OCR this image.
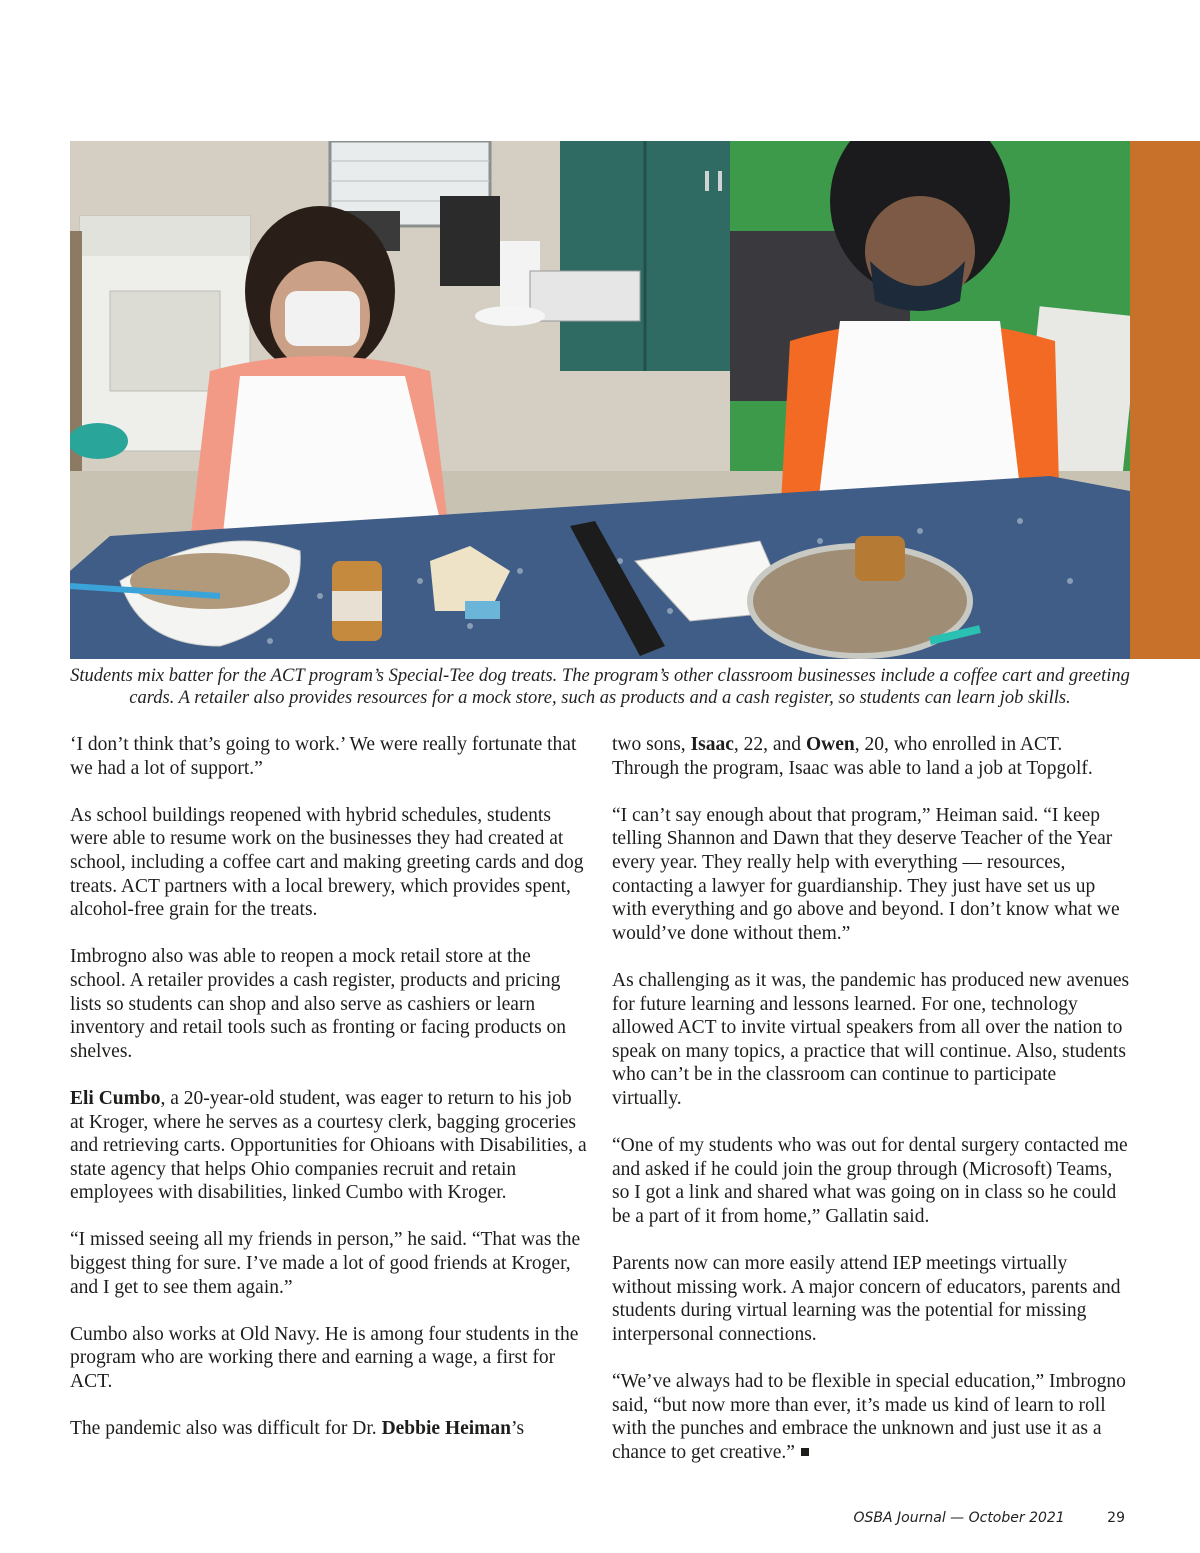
Students mix batter for the ACT program’s Special-Tee dog treats. The program’s other classroom businesses include a coffee cart and greeting cards. A retailer also provides resources for a mock store, such as products and a cash register, so students can learn job skills.

‘I don’t think that’s going to work.’ We were really fortunate that we had a lot of support.”

As school buildings reopened with hybrid schedules, students were able to resume work on the businesses they had created at school, including a coffee cart and making greeting cards and dog treats. ACT partners with a local brewery, which provides spent, alcohol-free grain for the treats.

Imbrogno also was able to reopen a mock retail store at the school. A retailer provides a cash register, products and pricing lists so students can shop and also serve as cashiers or learn inventory and retail tools such as fronting or facing products on shelves.

Eli Cumbo, a 20-year-old student, was eager to return to his job at Kroger, where he serves as a courtesy clerk, bagging groceries and retrieving carts. Opportunities for Ohioans with Disabilities, a state agency that helps Ohio companies recruit and retain employees with disabilities, linked Cumbo with Kroger.

“I missed seeing all my friends in person,” he said. “That was the biggest thing for sure. I’ve made a lot of good friends at Kroger, and I get to see them again.”

Cumbo also works at Old Navy. He is among four students in the program who are working there and earning a wage, a first for ACT.

The pandemic also was difficult for Dr. Debbie Heiman’s

two sons, Isaac, 22, and Owen, 20, who enrolled in ACT. Through the program, Isaac was able to land a job at Topgolf.

“I can’t say enough about that program,” Heiman said. “I keep telling Shannon and Dawn that they deserve Teacher of the Year every year. They really help with everything — resources, contacting a lawyer for guardianship. They just have set us up with everything and go above and beyond. I don’t know what we would’ve done without them.”

As challenging as it was, the pandemic has produced new avenues for future learning and lessons learned. For one, technology allowed ACT to invite virtual speakers from all over the nation to speak on many topics, a practice that will continue. Also, students who can’t be in the classroom can continue to participate virtually.

“One of my students who was out for dental surgery contacted me and asked if he could join the group through (Microsoft) Teams, so I got a link and shared what was going on in class so he could be a part of it from home,” Gallatin said.

Parents now can more easily attend IEP meetings virtually without missing work. A major concern of educators, parents and students during virtual learning was the potential for missing interpersonal connections.

“We’ve always had to be flexible in special education,” Imbrogno said, “but now more than ever, it’s made us kind of learn to roll with the punches and embrace the unknown and just use it as a chance to get creative.”

OSBA Journal — October 2021	29
